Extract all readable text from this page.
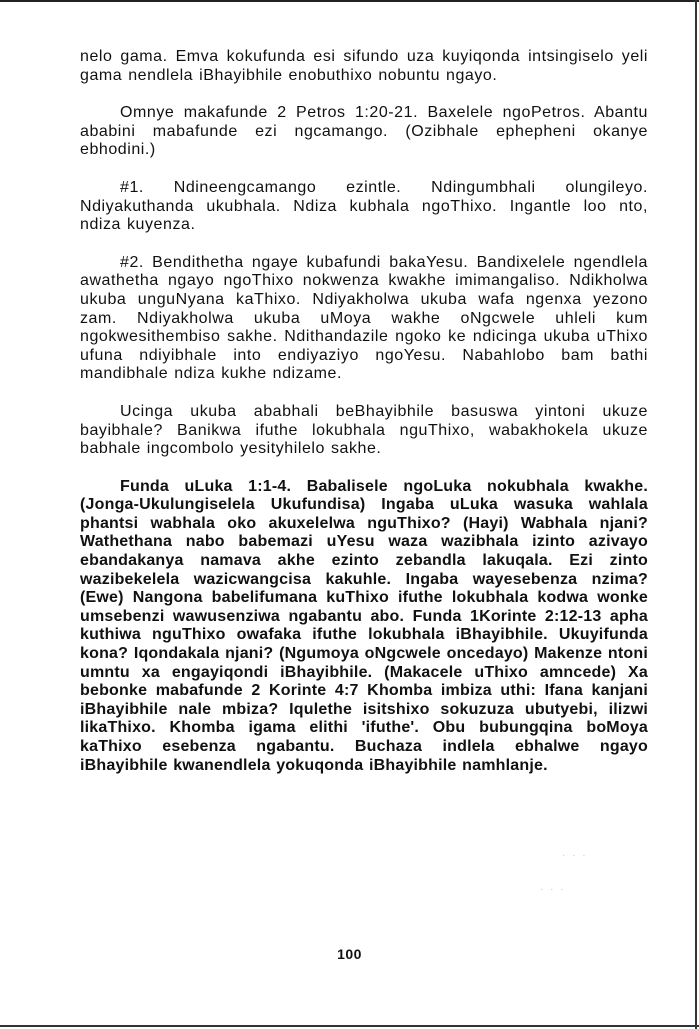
nelo gama. Emva kokufunda esi sifundo uza kuyiqonda intsingiselo yeli gama nendlela iBhayibhile enobuthixo nobuntu ngayo.

Omnye makafunde 2 Petros 1:20-21. Baxelele ngoPetros. Abantu ababini mabafunde ezi ngcamango. (Ozibhale ephepheni okanye ebhodini.)

#1. Ndineengcamango ezintle. Ndingumbhali olungileyo. Ndiyakuthanda ukubhala. Ndiza kubhala ngoThixo. Ingantle loo nto, ndiza kuyenza.

#2. Bendithetha ngaye kubafundi bakaYesu. Bandixelele ngendlela awathetha ngayo ngoThixo nokwenza kwakhe imimangaliso. Ndikholwa ukuba unguNyana kaThixo. Ndiyakholwa ukuba wafa ngenxa yezono zam. Ndiyakholwa ukuba uMoya wakhe oNgcwele uhleli kum ngokwesithembiso sakhe. Ndithandazile ngoko ke ndicinga ukuba uThixo ufuna ndiyibhale into endiyaziyo ngoYesu. Nabahlobo bam bathi mandibhale ndiza kukhe ndizame.

Ucinga ukuba ababhali beBhayibhile basuswa yintoni ukuze bayibhale? Banikwa ifuthe lokubhala nguThixo, wabakhokela ukuze babhale ingcombolo yesityhilelo sakhe.

Funda uLuka 1:1-4. Babalisele ngoLuka nokubhala kwakhe. (Jonga-Ukulungiselela Ukufundisa) Ingaba uLuka wasuka wahlala phantsi wabhala oko akuxelelwa nguThixo? (Hayi) Wabhala njani? Wathethana nabo babemazi uYesu waza wazibhala izinto azivayo ebandakanya namava akhe ezinto zebandla lakuqala. Ezi zinto wazibekelela wazicwangcisa kakuhle. Ingaba wayesebenza nzima? (Ewe) Nangona babelifumana kuThixo ifuthe lokubhala kodwa wonke umsebenzi wawusenziwa ngabantu abo. Funda 1Korinte 2:12-13 apha kuthiwa nguThixo owafaka ifuthe lokubhala iBhayibhile. Ukuyifunda kona? Iqondakala njani? (Ngumoya oNgcwele oncedayo) Makenze ntoni umntu xa engayiqondi iBhayibhile. (Makacele uThixo amncede) Xa bebonke mabafunde 2 Korinte 4:7 Khomba imbiza uthi: Ifana kanjani iBhayibhile nale mbiza? Iqulethe isitshixo sokuzuza ubutyebi, ilizwi likaThixo. Khomba igama elithi 'ifuthe'. Obu bubungqina boMoya kaThixo esebenza ngabantu. Buchaza indlela ebhalwe ngayo iBhayibhile kwanendlela yokuqonda iBhayibhile namhlanje.

· · ·
· · ·
100
